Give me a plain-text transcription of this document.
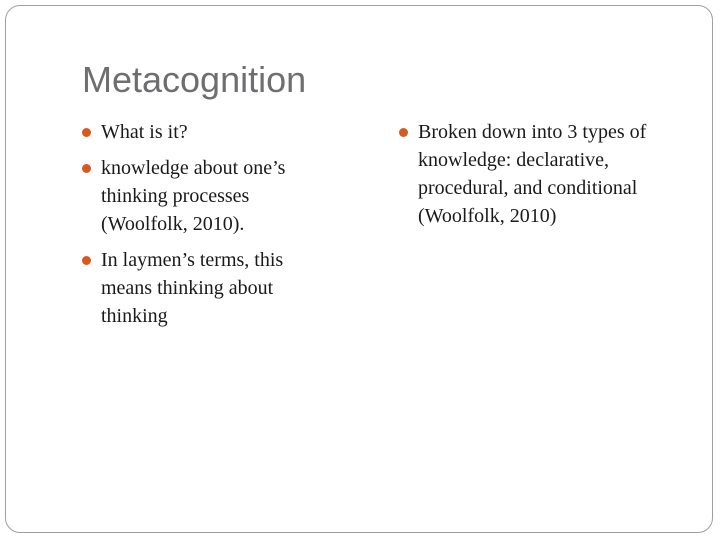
Metacognition
What is it?
knowledge about one’s thinking processes (Woolfolk, 2010).
In laymen’s terms, this means thinking about thinking
Broken down into 3 types of knowledge: declarative, procedural, and conditional (Woolfolk, 2010)
